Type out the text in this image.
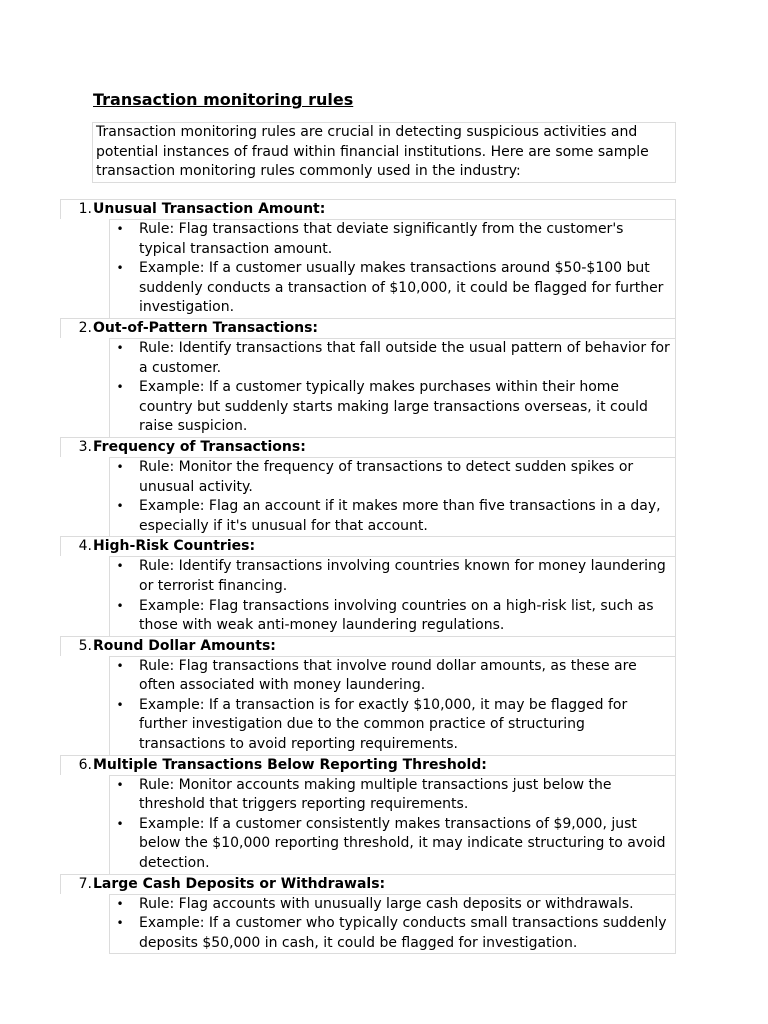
Transaction monitoring rules
Transaction monitoring rules are crucial in detecting suspicious activities and potential instances of fraud within financial institutions. Here are some sample transaction monitoring rules commonly used in the industry:
1. Unusual Transaction Amount:
• Rule: Flag transactions that deviate significantly from the customer's typical transaction amount.
• Example: If a customer usually makes transactions around $50-$100 but suddenly conducts a transaction of $10,000, it could be flagged for further investigation.
2. Out-of-Pattern Transactions:
• Rule: Identify transactions that fall outside the usual pattern of behavior for a customer.
• Example: If a customer typically makes purchases within their home country but suddenly starts making large transactions overseas, it could raise suspicion.
3. Frequency of Transactions:
• Rule: Monitor the frequency of transactions to detect sudden spikes or unusual activity.
• Example: Flag an account if it makes more than five transactions in a day, especially if it's unusual for that account.
4. High-Risk Countries:
• Rule: Identify transactions involving countries known for money laundering or terrorist financing.
• Example: Flag transactions involving countries on a high-risk list, such as those with weak anti-money laundering regulations.
5. Round Dollar Amounts:
• Rule: Flag transactions that involve round dollar amounts, as these are often associated with money laundering.
• Example: If a transaction is for exactly $10,000, it may be flagged for further investigation due to the common practice of structuring transactions to avoid reporting requirements.
6. Multiple Transactions Below Reporting Threshold:
• Rule: Monitor accounts making multiple transactions just below the threshold that triggers reporting requirements.
• Example: If a customer consistently makes transactions of $9,000, just below the $10,000 reporting threshold, it may indicate structuring to avoid detection.
7. Large Cash Deposits or Withdrawals:
• Rule: Flag accounts with unusually large cash deposits or withdrawals.
• Example: If a customer who typically conducts small transactions suddenly deposits $50,000 in cash, it could be flagged for investigation.
